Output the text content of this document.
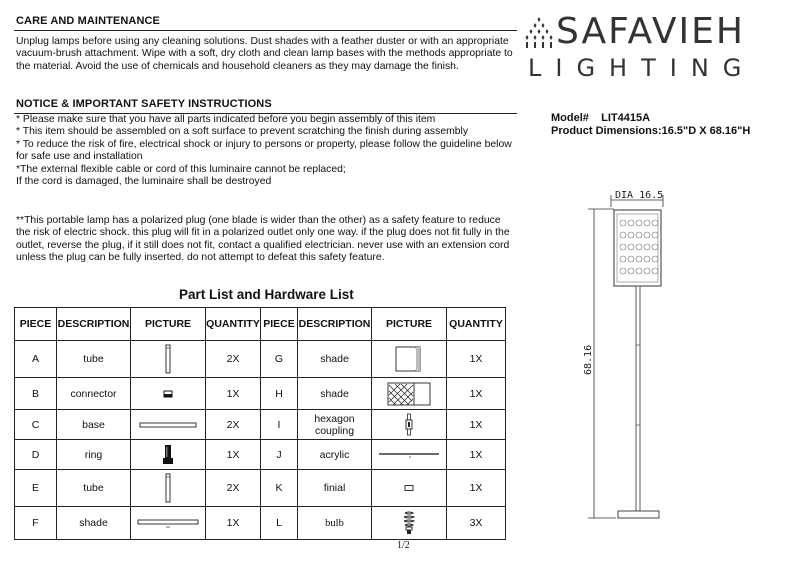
CARE AND MAINTENANCE
Unplug lamps before using any cleaning solutions. Dust shades with a feather duster or with an appropriate
vacuum-brush attachment. Wipe with a soft, dry cloth and clean lamp bases with the methods appropriate to
the material. Avoid the use of chemicals and household cleaners as they may damage the finish.
NOTICE & IMPORTANT SAFETY INSTRUCTIONS
* Please make sure that you have all parts indicated before you begin assembly of this item
* This item should be assembled on a soft surface to prevent scratching the finish during assembly
* To reduce the risk of fire, electrical shock or injury to persons or property, please follow the guideline below
for safe use and installation
*The external flexible cable or cord of this luminaire cannot be replaced;
If the cord is damaged, the luminaire shall be destroyed
**This portable lamp has a polarized plug (one blade is wider than the other) as a safety feature to reduce
the risk of electric shock. this plug will fit in a polarized outlet only one way. if the plug does not fit fully in the
outlet, reverse the plug, if it still does not fit, contact a qualified electrician. never use with an extension cord
unless the plug can be fully inserted. do not attempt to defeat this safety feature.
SAFAVIEH
LIGHTING
Model# LIT4415A
Product Dimensions:16.5"D X 68.16"H
DIA 16.5
68.16
Part List and Hardware List
PIECE	DESCRIPTION	PICTURE	QUANTITY	PIECE	DESCRIPTION	PICTURE	QUANTITY
A	tube		2X	G	shade		1X
B	connector		1X	H	shade		1X
C	base		2X	I	hexagon coupling		1X
D	ring		1X	J	acrylic		1X
E	tube		2X	K	finial		1X
F	shade		1X	L	bulb		3X
1/2
